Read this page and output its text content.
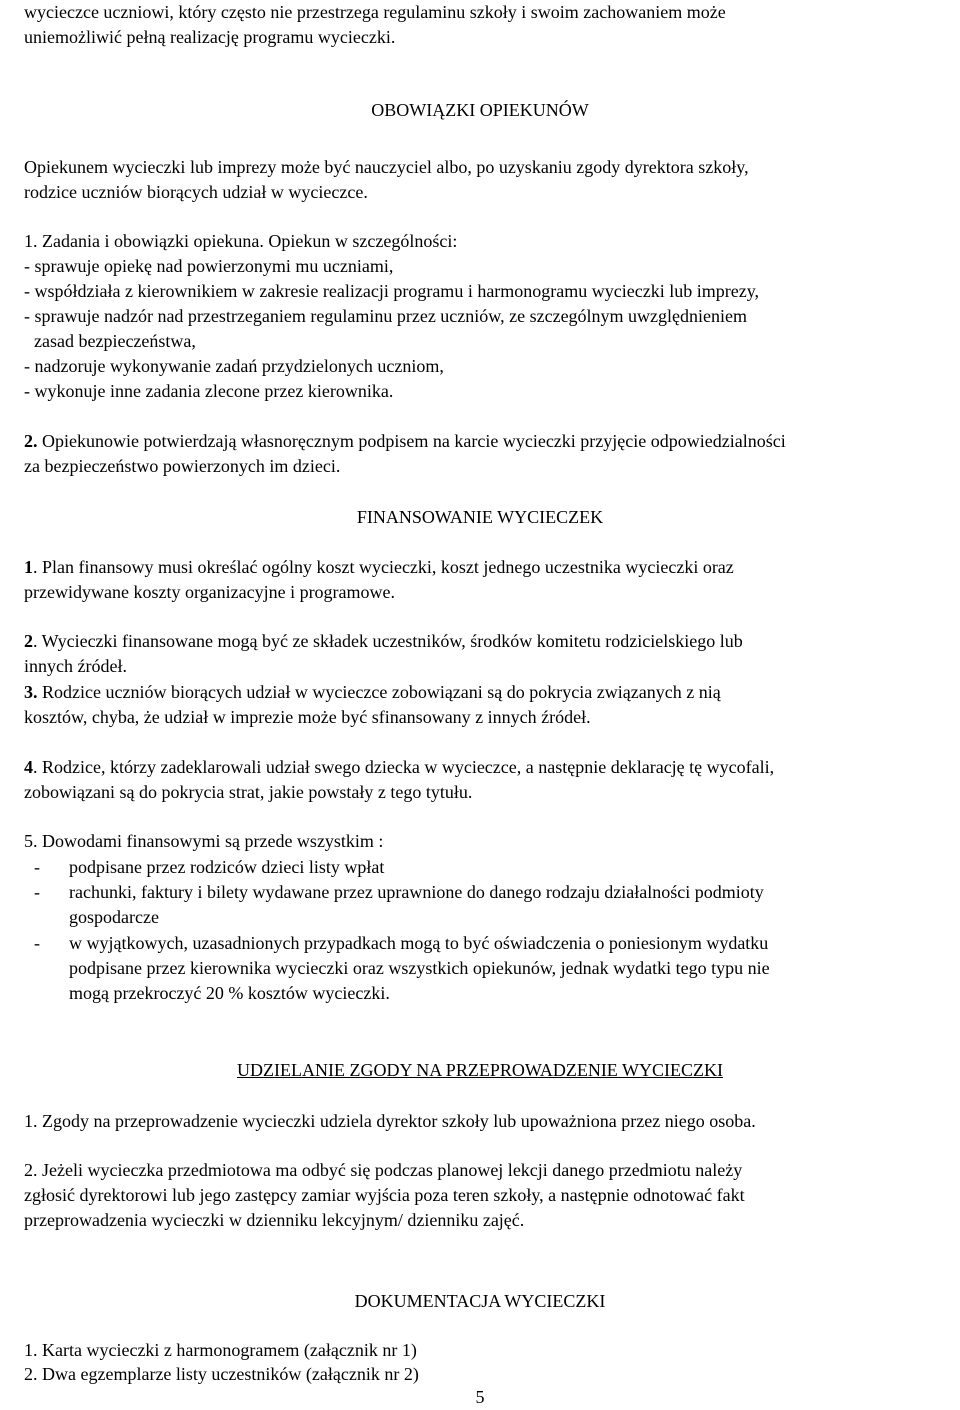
wycieczce uczniowi, który często nie przestrzega regulaminu szkoły i swoim zachowaniem może
uniemożliwić pełną realizację programu wycieczki.
OBOWIĄZKI OPIEKUNÓW
Opiekunem wycieczki lub imprezy może być nauczyciel albo, po uzyskaniu zgody dyrektora szkoły,
rodzice uczniów biorących udział w wycieczce.
1. Zadania i obowiązki opiekuna. Opiekun w szczególności:
- sprawuje opiekę nad powierzonymi mu uczniami,
- współdziała z kierownikiem w zakresie realizacji programu i harmonogramu wycieczki lub imprezy,
- sprawuje nadzór nad przestrzeganiem regulaminu przez uczniów, ze szczególnym uwzględnieniem
zasad bezpieczeństwa,
- nadzoruje wykonywanie zadań przydzielonych uczniom,
- wykonuje inne zadania zlecone przez kierownika.
2. Opiekunowie potwierdzają własnoręcznym podpisem na karcie wycieczki przyjęcie odpowiedzialności
za bezpieczeństwo powierzonych im dzieci.
FINANSOWANIE WYCIECZEK
1. Plan finansowy musi określać ogólny koszt wycieczki, koszt jednego uczestnika wycieczki oraz
przewidywane koszty organizacyjne i programowe.
2. Wycieczki finansowane mogą być ze składek uczestników, środków komitetu rodzicielskiego lub
innych źródeł.
3. Rodzice uczniów biorących udział w wycieczce zobowiązani są do pokrycia związanych z nią
kosztów, chyba, że udział w imprezie może być sfinansowany z innych źródeł.
4. Rodzice, którzy zadeklarowali udział swego dziecka w wycieczce, a następnie deklarację tę wycofali,
zobowiązani są do pokrycia strat, jakie powstały z tego tytułu.
5. Dowodami finansowymi są przede wszystkim :
- podpisane przez rodziców dzieci listy wpłat
- rachunki, faktury i bilety wydawane przez uprawnione do danego rodzaju działalności podmioty
gospodarcze
- w wyjątkowych, uzasadnionych przypadkach mogą to być oświadczenia o poniesionym wydatku
podpisane przez kierownika wycieczki oraz wszystkich opiekunów, jednak wydatki tego typu nie
mogą przekroczyć 20 % kosztów wycieczki.
UDZIELANIE ZGODY NA PRZEPROWADZENIE WYCIECZKI
1. Zgody na przeprowadzenie wycieczki udziela dyrektor szkoły lub upoważniona przez niego osoba.
2. Jeżeli wycieczka przedmiotowa ma odbyć się podczas planowej lekcji danego przedmiotu należy
zgłosić dyrektorowi lub jego zastępcy zamiar wyjścia poza teren szkoły, a następnie odnotować fakt
przeprowadzenia wycieczki w dzienniku lekcyjnym/ dzienniku zajęć.
DOKUMENTACJA WYCIECZKI
1. Karta wycieczki z harmonogramem (załącznik nr 1)
2. Dwa egzemplarze listy uczestników (załącznik nr 2)
5
